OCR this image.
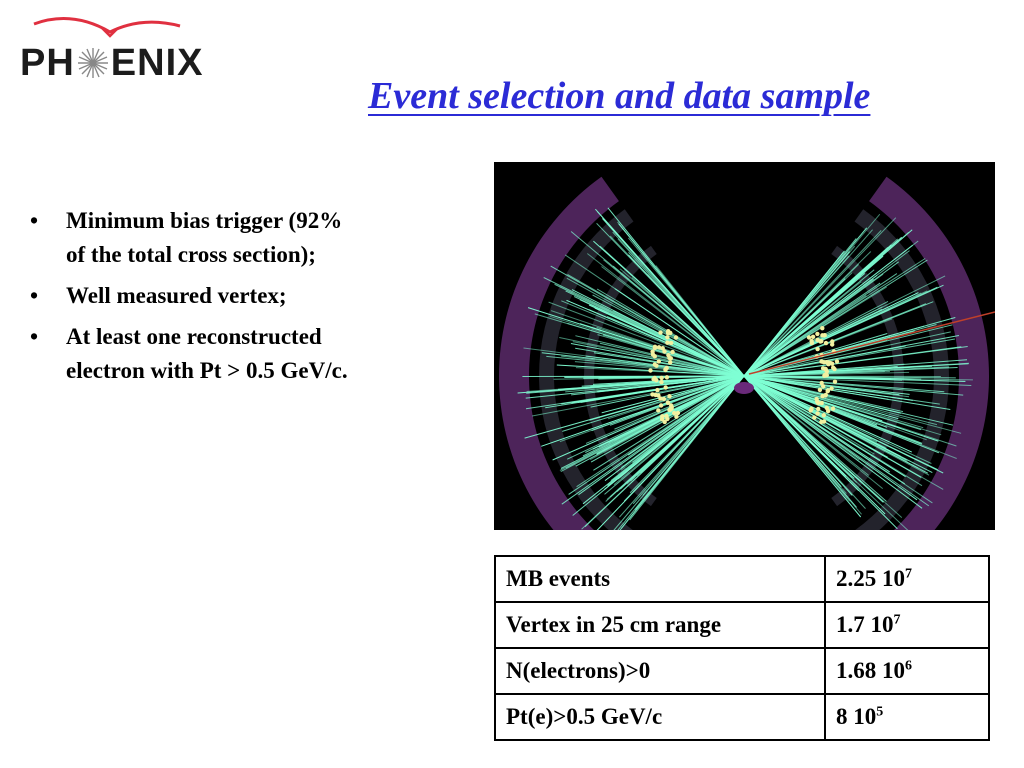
PH ENIX
Event selection and data sample
• Minimum bias trigger (92% of the total cross section);
• Well measured vertex;
• At least one reconstructed electron with Pt > 0.5 GeV/c.
MB events	2.25 $10^7$
Vertex in 25 cm range	1.7 $10^7$
N(electrons)>0	1.68 $10^6$
Pt(e)>0.5 GeV/c	8 $10^5$
